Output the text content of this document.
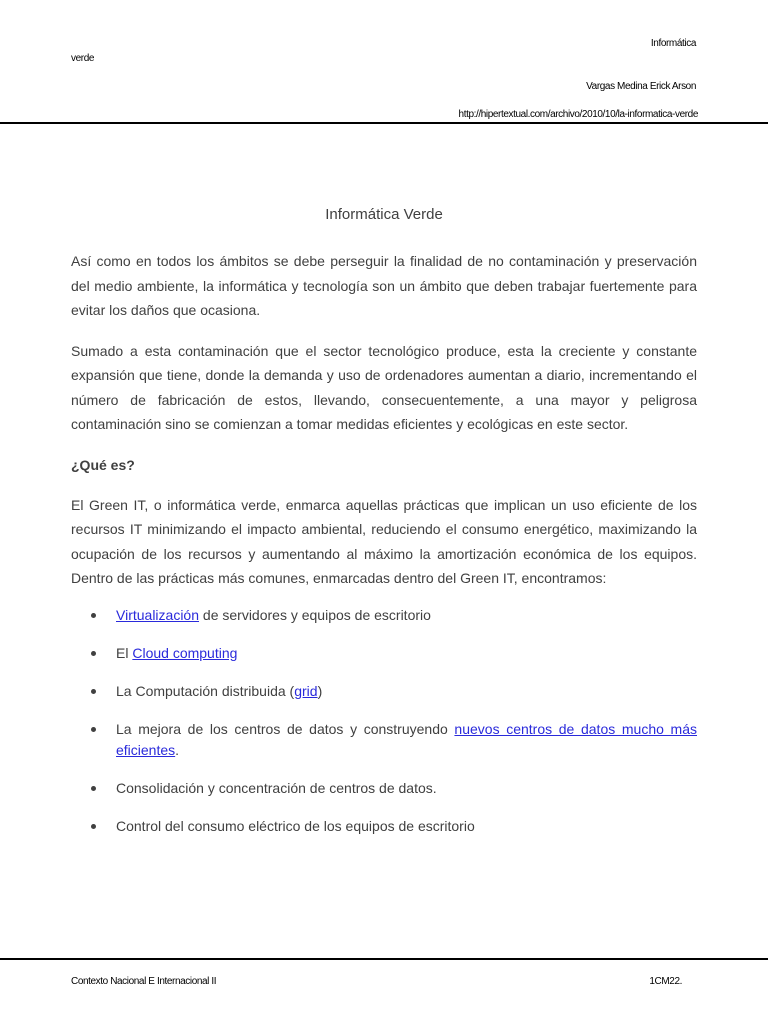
Informática
verde
Vargas Medina Erick Arson
http://hipertextual.com/archivo/2010/10/la-informatica-verde
Informática Verde

Así como en todos los ámbitos se debe perseguir la finalidad de no contaminación y preservación del medio ambiente, la informática y tecnología son un ámbito que deben trabajar fuertemente para evitar los daños que ocasiona.

Sumado a esta contaminación que el sector tecnológico produce, esta la creciente y constante expansión que tiene, donde la demanda y uso de ordenadores aumentan a diario, incrementando el número de fabricación de estos, llevando, consecuentemente, a una mayor y peligrosa contaminación sino se comienzan a tomar medidas eficientes y ecológicas en este sector.

¿Qué es?

El Green IT, o informática verde, enmarca aquellas prácticas que implican un uso eficiente de los recursos IT minimizando el impacto ambiental, reduciendo el consumo energético, maximizando la ocupación de los recursos y aumentando al máximo la amortización económica de los equipos. Dentro de las prácticas más comunes, enmarcadas dentro del Green IT, encontramos:

Virtualización de servidores y equipos de escritorio
El Cloud computing
La Computación distribuida (grid)
La mejora de los centros de datos y construyendo nuevos centros de datos mucho más eficientes.
Consolidación y concentración de centros de datos.
Control del consumo eléctrico de los equipos de escritorio
Contexto Nacional E Internacional II	1CM22.
